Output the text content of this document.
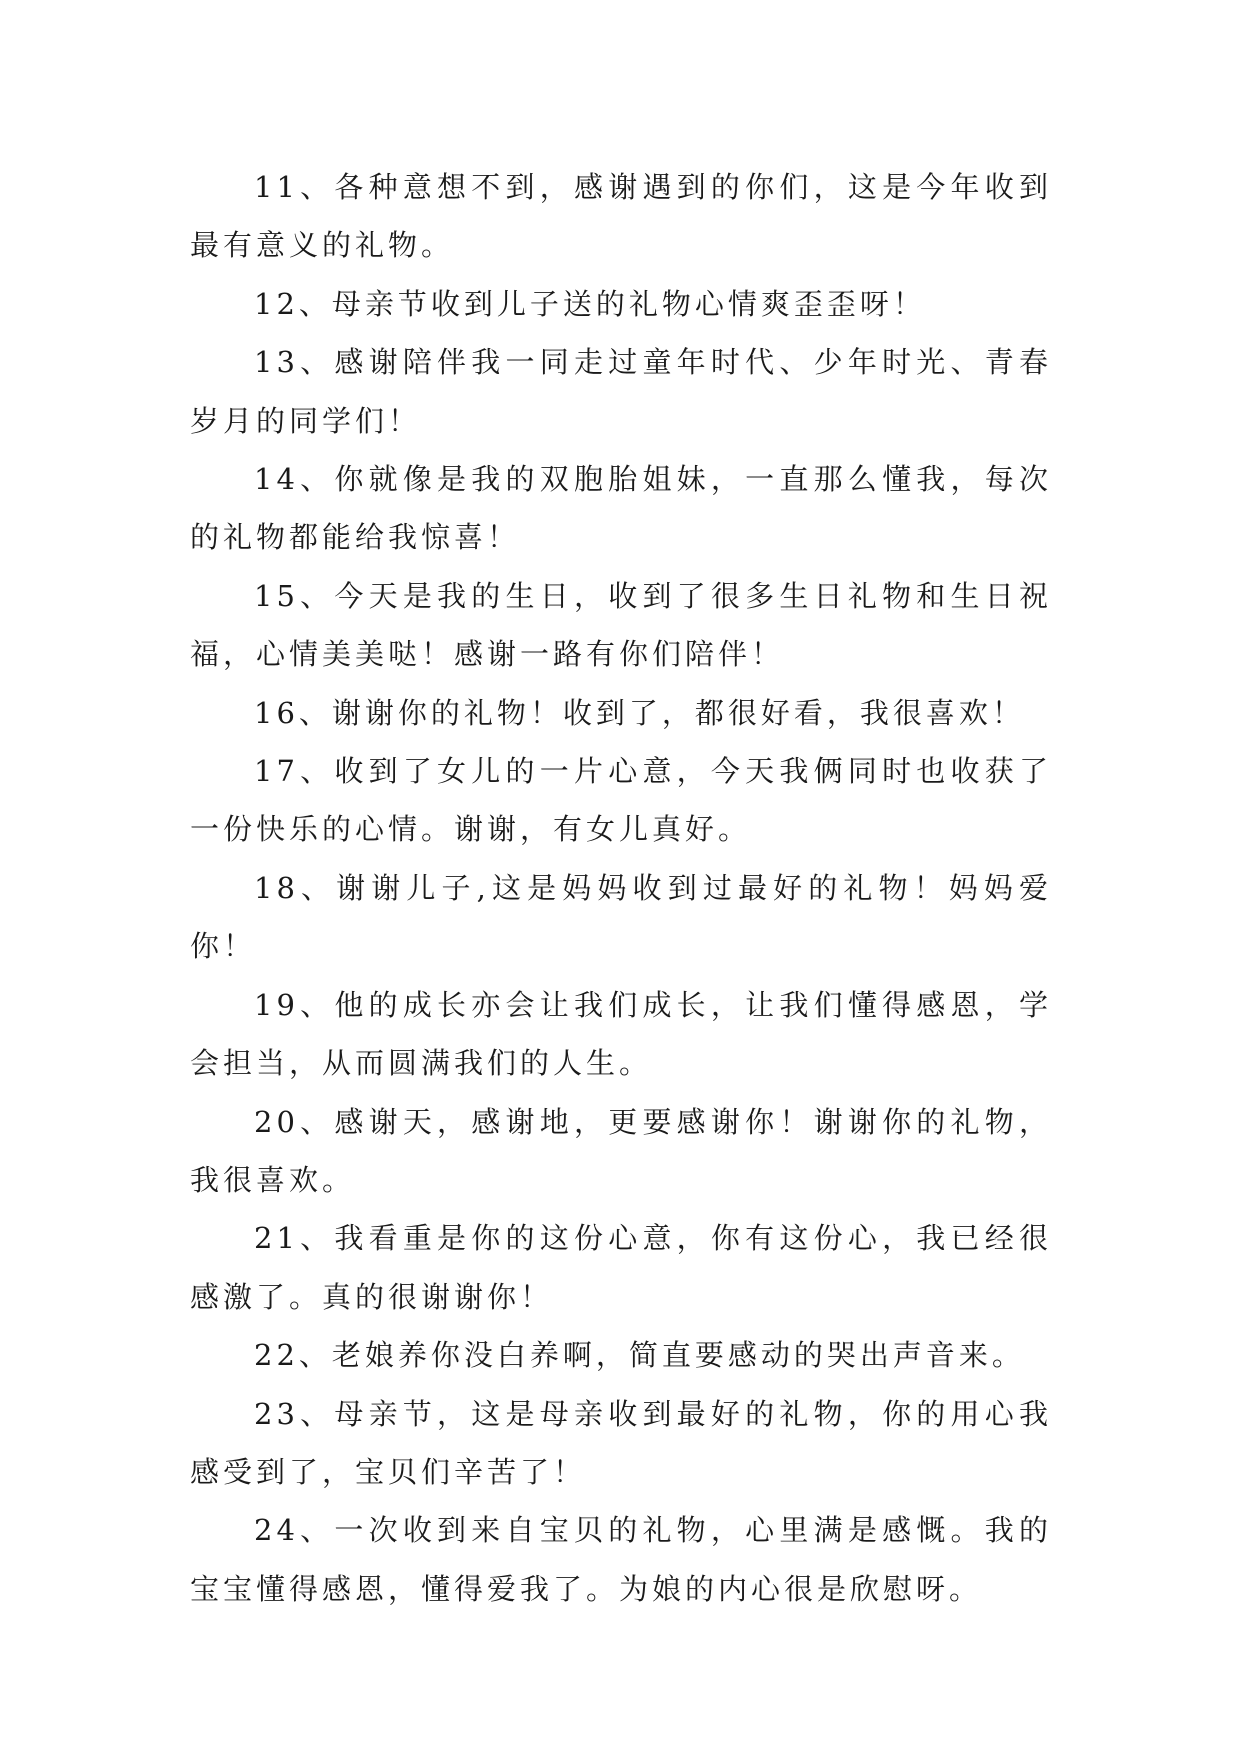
11、各种意想不到，感谢遇到的你们，这是今年收到最有意义的礼物。

12、母亲节收到儿子送的礼物心情爽歪歪呀！

13、感谢陪伴我一同走过童年时代、少年时光、青春岁月的同学们！

14、你就像是我的双胞胎姐妹，一直那么懂我，每次的礼物都能给我惊喜！

15、今天是我的生日，收到了很多生日礼物和生日祝福，心情美美哒！感谢一路有你们陪伴！

16、谢谢你的礼物！收到了，都很好看，我很喜欢！

17、收到了女儿的一片心意，今天我俩同时也收获了一份快乐的心情。谢谢，有女儿真好。

18、谢谢儿子,这是妈妈收到过最好的礼物！妈妈爱你！

19、他的成长亦会让我们成长，让我们懂得感恩，学会担当，从而圆满我们的人生。

20、感谢天，感谢地，更要感谢你！谢谢你的礼物，我很喜欢。

21、我看重是你的这份心意，你有这份心，我已经很感激了。真的很谢谢你！

22、老娘养你没白养啊，简直要感动的哭出声音来。

23、母亲节，这是母亲收到最好的礼物，你的用心我感受到了，宝贝们辛苦了！

24、一次收到来自宝贝的礼物，心里满是感慨。我的宝宝懂得感恩，懂得爱我了。为娘的内心很是欣慰呀。
